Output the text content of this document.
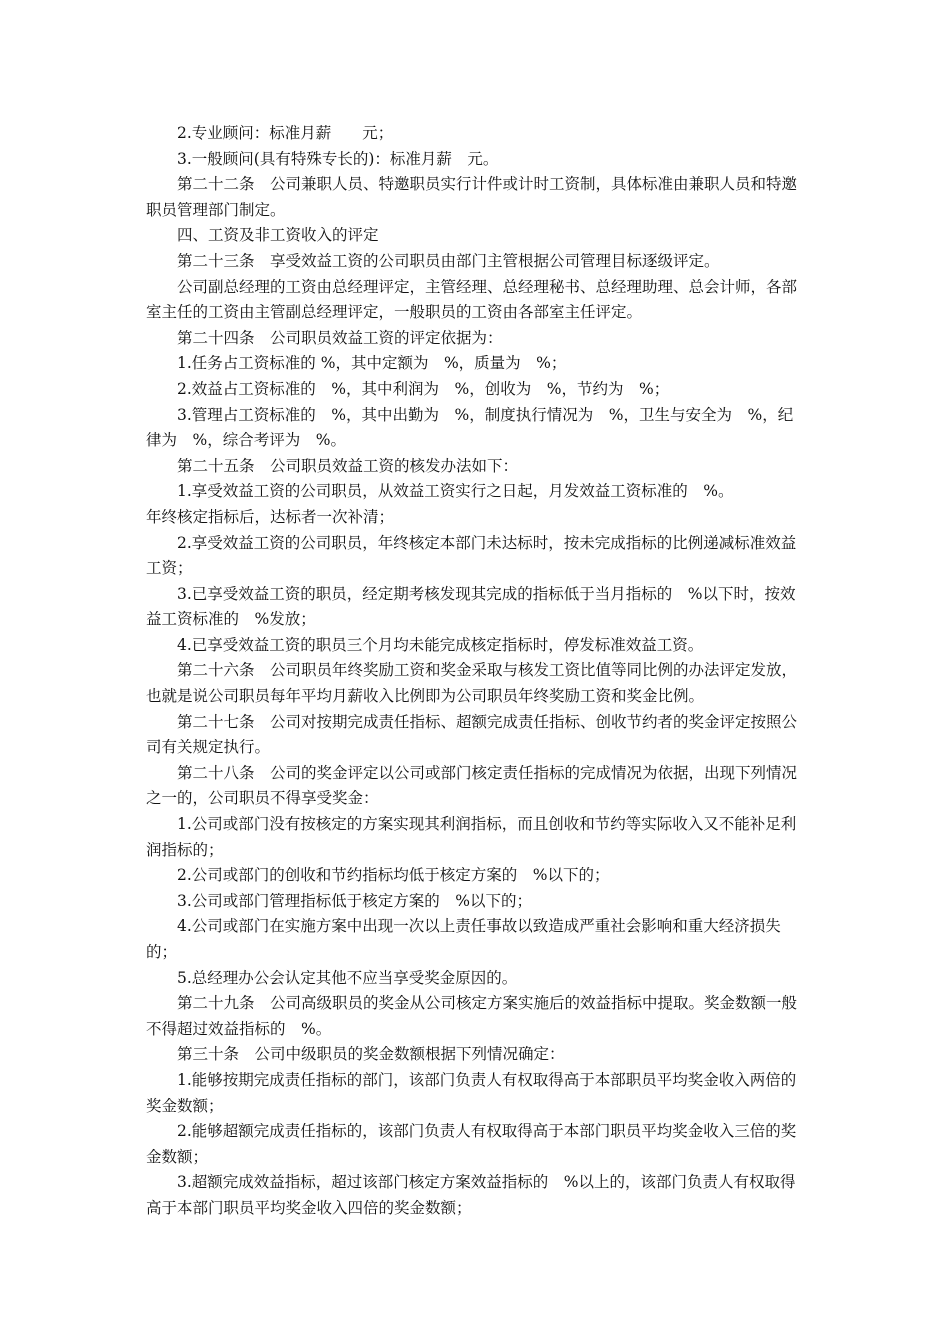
2.专业顾问：标准月薪　　元；

3.一般顾问(具有特殊专长的)：标准月薪　元。

第二十二条　公司兼职人员、特邀职员实行计件或计时工资制，具体标准由兼职人员和特邀职员管理部门制定。

四、工资及非工资收入的评定

第二十三条　享受效益工资的公司职员由部门主管根据公司管理目标逐级评定。

公司副总经理的工资由总经理评定，主管经理、总经理秘书、总经理助理、总会计师，各部室主任的工资由主管副总经理评定，一般职员的工资由各部室主任评定。

第二十四条　公司职员效益工资的评定依据为：

1.任务占工资标准的 %，其中定额为　%，质量为　%；

2.效益占工资标准的　%，其中利润为　%，创收为　%，节约为　%；

3.管理占工资标准的　%，其中出勤为　%，制度执行情况为　%，卫生与安全为　%，纪律为　%，综合考评为　%。

第二十五条　公司职员效益工资的核发办法如下：

1.享受效益工资的公司职员，从效益工资实行之日起，月发效益工资标准的　%。

年终核定指标后，达标者一次补清；

2.享受效益工资的公司职员，年终核定本部门未达标时，按未完成指标的比例递减标准效益工资；

3.已享受效益工资的职员，经定期考核发现其完成的指标低于当月指标的　%以下时，按效益工资标准的　%发放；

4.已享受效益工资的职员三个月均未能完成核定指标时，停发标准效益工资。

第二十六条　公司职员年终奖励工资和奖金采取与核发工资比值等同比例的办法评定发放，也就是说公司职员每年平均月薪收入比例即为公司职员年终奖励工资和奖金比例。

第二十七条　公司对按期完成责任指标、超额完成责任指标、创收节约者的奖金评定按照公司有关规定执行。

第二十八条　公司的奖金评定以公司或部门核定责任指标的完成情况为依据，出现下列情况之一的，公司职员不得享受奖金：

1.公司或部门没有按核定的方案实现其利润指标，而且创收和节约等实际收入又不能补足利润指标的；

2.公司或部门的创收和节约指标均低于核定方案的　%以下的；

3.公司或部门管理指标低于核定方案的　%以下的；

4.公司或部门在实施方案中出现一次以上责任事故以致造成严重社会影响和重大经济损失的；

5.总经理办公会认定其他不应当享受奖金原因的。

第二十九条　公司高级职员的奖金从公司核定方案实施后的效益指标中提取。奖金数额一般不得超过效益指标的　%。

第三十条　公司中级职员的奖金数额根据下列情况确定：

1.能够按期完成责任指标的部门，该部门负责人有权取得高于本部职员平均奖金收入两倍的奖金数额；

2.能够超额完成责任指标的，该部门负责人有权取得高于本部门职员平均奖金收入三倍的奖金数额；

3.超额完成效益指标，超过该部门核定方案效益指标的　%以上的，该部门负责人有权取得高于本部门职员平均奖金收入四倍的奖金数额；
